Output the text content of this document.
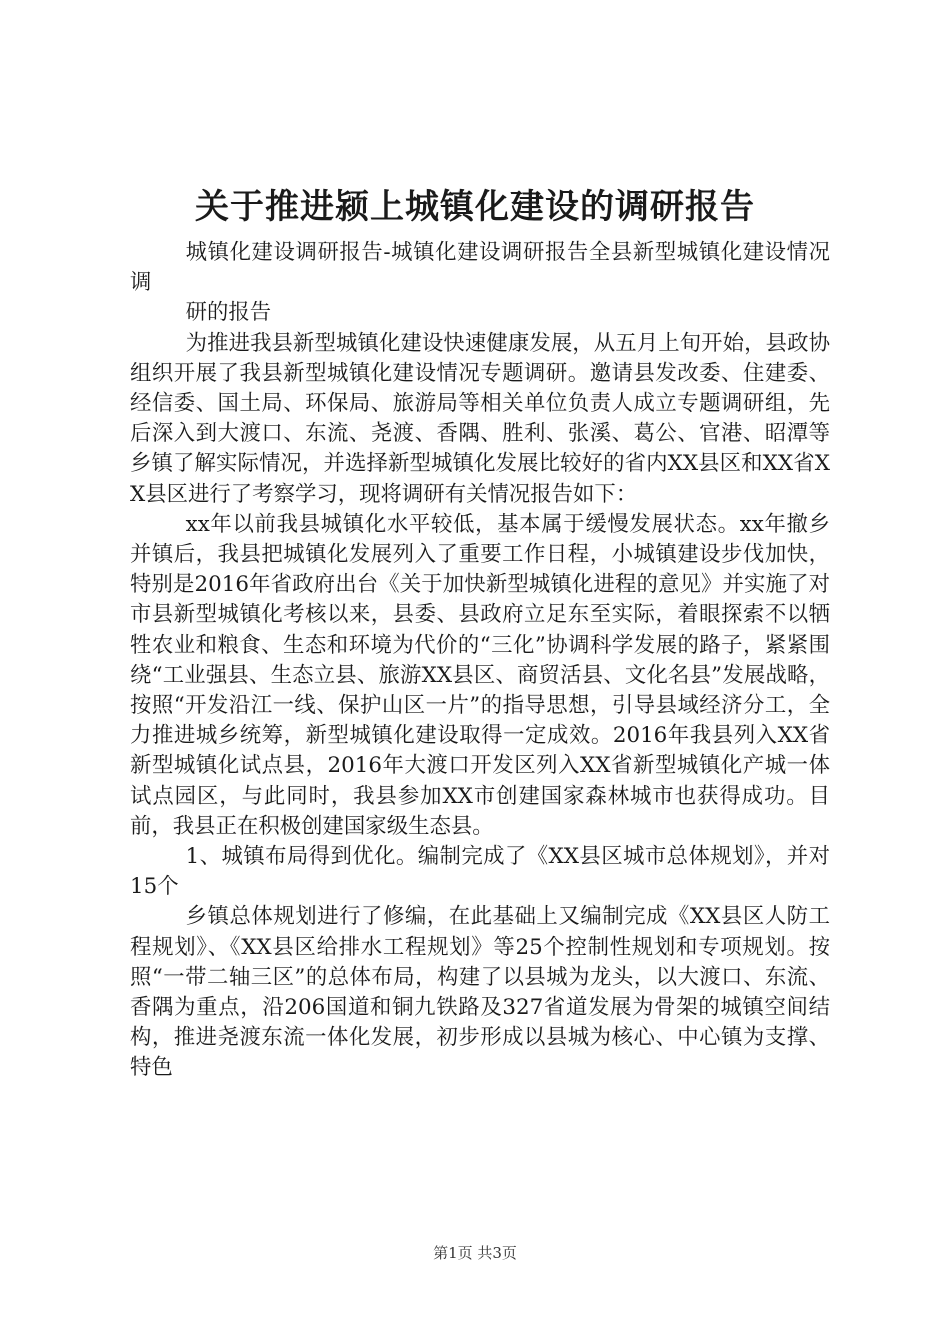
关于推进颍上城镇化建设的调研报告

城镇化建设调研报告-城镇化建设调研报告全县新型城镇化建设情况调

研的报告

为推进我县新型城镇化建设快速健康发展，从五月上旬开始，县政协组织开展了我县新型城镇化建设情况专题调研。邀请县发改委、住建委、经信委、国土局、环保局、旅游局等相关单位负责人成立专题调研组，先后深入到大渡口、东流、尧渡、香隅、胜利、张溪、葛公、官港、昭潭等乡镇了解实际情况，并选择新型城镇化发展比较好的省内XX县区和XX省XX县区进行了考察学习，现将调研有关情况报告如下：

xx年以前我县城镇化水平较低，基本属于缓慢发展状态。xx年撤乡并镇后，我县把城镇化发展列入了重要工作日程，小城镇建设步伐加快，特别是2016年省政府出台《关于加快新型城镇化进程的意见》并实施了对市县新型城镇化考核以来，县委、县政府立足东至实际，着眼探索不以牺牲农业和粮食、生态和环境为代价的“三化”协调科学发展的路子，紧紧围绕“工业强县、生态立县、旅游XX县区、商贸活县、文化名县”发展战略，按照“开发沿江一线、保护山区一片”的指导思想，引导县域经济分工，全力推进城乡统筹，新型城镇化建设取得一定成效。2016年我县列入XX省新型城镇化试点县，2016年大渡口开发区列入XX省新型城镇化产城一体试点园区，与此同时，我县参加XX市创建国家森林城市也获得成功。目前，我县正在积极创建国家级生态县。

1、城镇布局得到优化。编制完成了《XX县区城市总体规划》，并对15个

乡镇总体规划进行了修编，在此基础上又编制完成《XX县区人防工程规划》、《XX县区给排水工程规划》等25个控制性规划和专项规划。按照“一带二轴三区”的总体布局，构建了以县城为龙头，以大渡口、东流、香隅为重点，沿206国道和铜九铁路及327省道发展为骨架的城镇空间结构，推进尧渡东流一体化发展，初步形成以县城为核心、中心镇为支撑、特色

第1页 共3页
